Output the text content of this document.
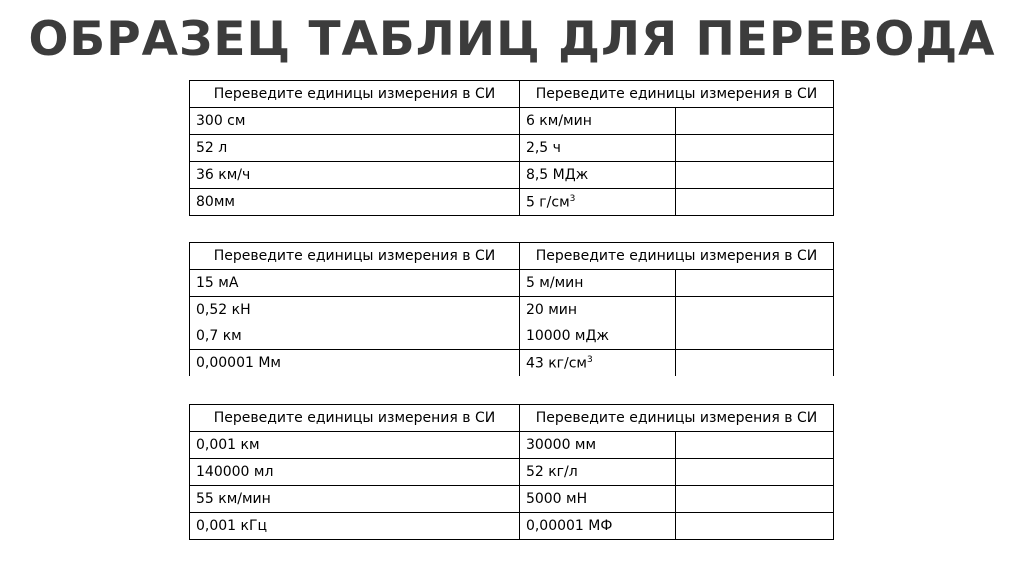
ОБРАЗЕЦ ТАБЛИЦ ДЛЯ ПЕРЕВОДА
Переведите единицы измерения в СИ	Переведите единицы измерения в СИ	
300 см	6 км/мин	
52 л	2,5 ч	
36 км/ч	8,5 МДж	
80мм	5 $г/см^3$	
Переведите единицы измерения в СИ	Переведите единицы измерения в СИ	
15 мА	5 м/мин	
0,52 кН	20 мин	
0,7 км	10000 мДж	
0,00001 Мм	43 $кг/см^3$	
Переведите единицы измерения в СИ	Переведите единицы измерения в СИ	
0,001 км	30000 мм	
140000 мл	52 кг/л	
55 км/мин	5000 мН	
0,001 кГц	0,00001 МФ	
